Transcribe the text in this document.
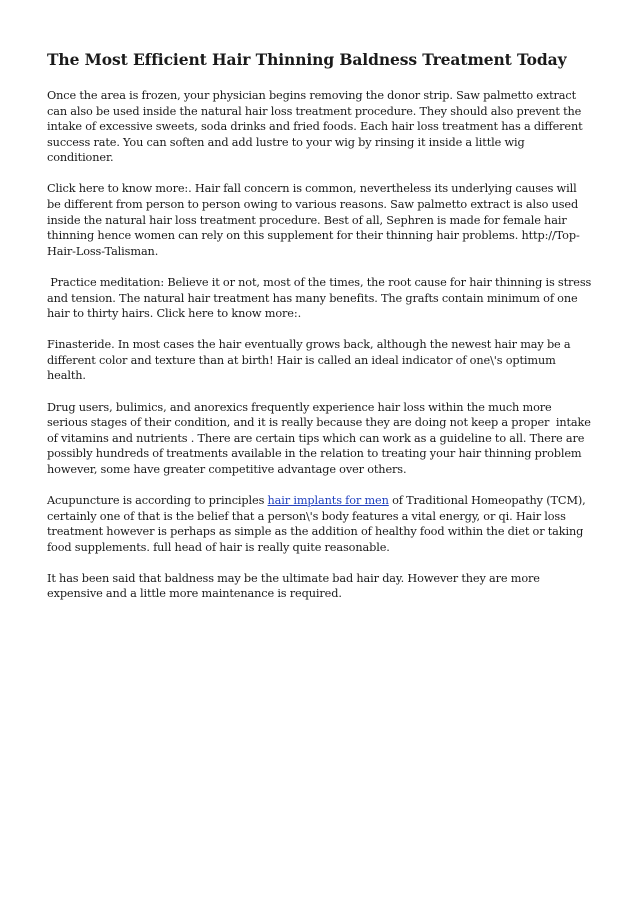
The Most Efficient Hair Thinning Baldness Treatment Today

Once the area is frozen, your physician begins removing the donor strip. Saw palmetto extract can also be used inside the natural hair loss treatment procedure. They should also prevent the intake of excessive sweets, soda drinks and fried foods. Each hair loss treatment has a different success rate. You can soften and add lustre to your wig by rinsing it inside a little wig conditioner.

Click here to know more:. Hair fall concern is common, nevertheless its underlying causes will be different from person to person owing to various reasons. Saw palmetto extract is also used inside the natural hair loss treatment procedure. Best of all, Sephren is made for female hair thinning hence women can rely on this supplement for their thinning hair problems. http://Top-Hair-Loss-Talisman.

Practice meditation: Believe it or not, most of the times, the root cause for hair thinning is stress and tension. The natural hair treatment has many benefits. The grafts contain minimum of one hair to thirty hairs. Click here to know more:.

Finasteride. In most cases the hair eventually grows back, although the newest hair may be a different color and texture than at birth! Hair is called an ideal indicator of one\'s optimum health.

Drug users, bulimics, and anorexics frequently experience hair loss within the much more serious stages of their condition, and it is really because they are doing not keep a proper  intake of vitamins and nutrients . There are certain tips which can work as a guideline to all. There are possibly hundreds of treatments available in the relation to treating your hair thinning problem however, some have greater competitive advantage over others.

Acupuncture is according to principles hair implants for men of Traditional Homeopathy (TCM), certainly one of that is the belief that a person\'s body features a vital energy, or qi. Hair loss treatment however is perhaps as simple as the addition of healthy food within the diet or taking food supplements. full head of hair is really quite reasonable.

It has been said that baldness may be the ultimate bad hair day. However they are more expensive and a little more maintenance is required.
